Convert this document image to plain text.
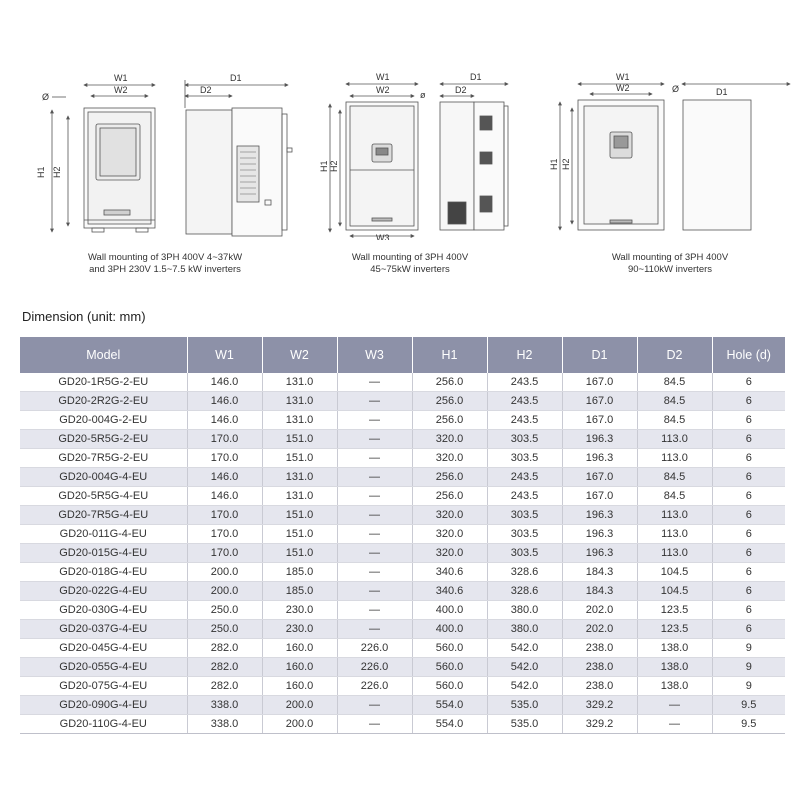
W1
W2
Ø
H1 H2
D1
D2
W1
W2	ø
H1 H2
W3
D1
D2
W1
W2	Ø
H1 H2
D1
Wall mounting of 3PH 400V 4~37kW
and 3PH 230V 1.5~7.5 kW inverters
Wall mounting of 3PH 400V
45~75kW inverters
Wall mounting of 3PH 400V
90~110kW inverters
Dimension (unit: mm)
Model	W1	W2	W3	H1	H2	D1	D2	Hole (d)
GD20-1R5G-2-EU	146.0	131.0	—	256.0	243.5	167.0	84.5	6
GD20-2R2G-2-EU	146.0	131.0	—	256.0	243.5	167.0	84.5	6
GD20-004G-2-EU	146.0	131.0	—	256.0	243.5	167.0	84.5	6
GD20-5R5G-2-EU	170.0	151.0	—	320.0	303.5	196.3	113.0	6
GD20-7R5G-2-EU	170.0	151.0	—	320.0	303.5	196.3	113.0	6
GD20-004G-4-EU	146.0	131.0	—	256.0	243.5	167.0	84.5	6
GD20-5R5G-4-EU	146.0	131.0	—	256.0	243.5	167.0	84.5	6
GD20-7R5G-4-EU	170.0	151.0	—	320.0	303.5	196.3	113.0	6
GD20-011G-4-EU	170.0	151.0	—	320.0	303.5	196.3	113.0	6
GD20-015G-4-EU	170.0	151.0	—	320.0	303.5	196.3	113.0	6
GD20-018G-4-EU	200.0	185.0	—	340.6	328.6	184.3	104.5	6
GD20-022G-4-EU	200.0	185.0	—	340.6	328.6	184.3	104.5	6
GD20-030G-4-EU	250.0	230.0	—	400.0	380.0	202.0	123.5	6
GD20-037G-4-EU	250.0	230.0	—	400.0	380.0	202.0	123.5	6
GD20-045G-4-EU	282.0	160.0	226.0	560.0	542.0	238.0	138.0	9
GD20-055G-4-EU	282.0	160.0	226.0	560.0	542.0	238.0	138.0	9
GD20-075G-4-EU	282.0	160.0	226.0	560.0	542.0	238.0	138.0	9
GD20-090G-4-EU	338.0	200.0	—	554.0	535.0	329.2	—	9.5
GD20-110G-4-EU	338.0	200.0	—	554.0	535.0	329.2	—	9.5
